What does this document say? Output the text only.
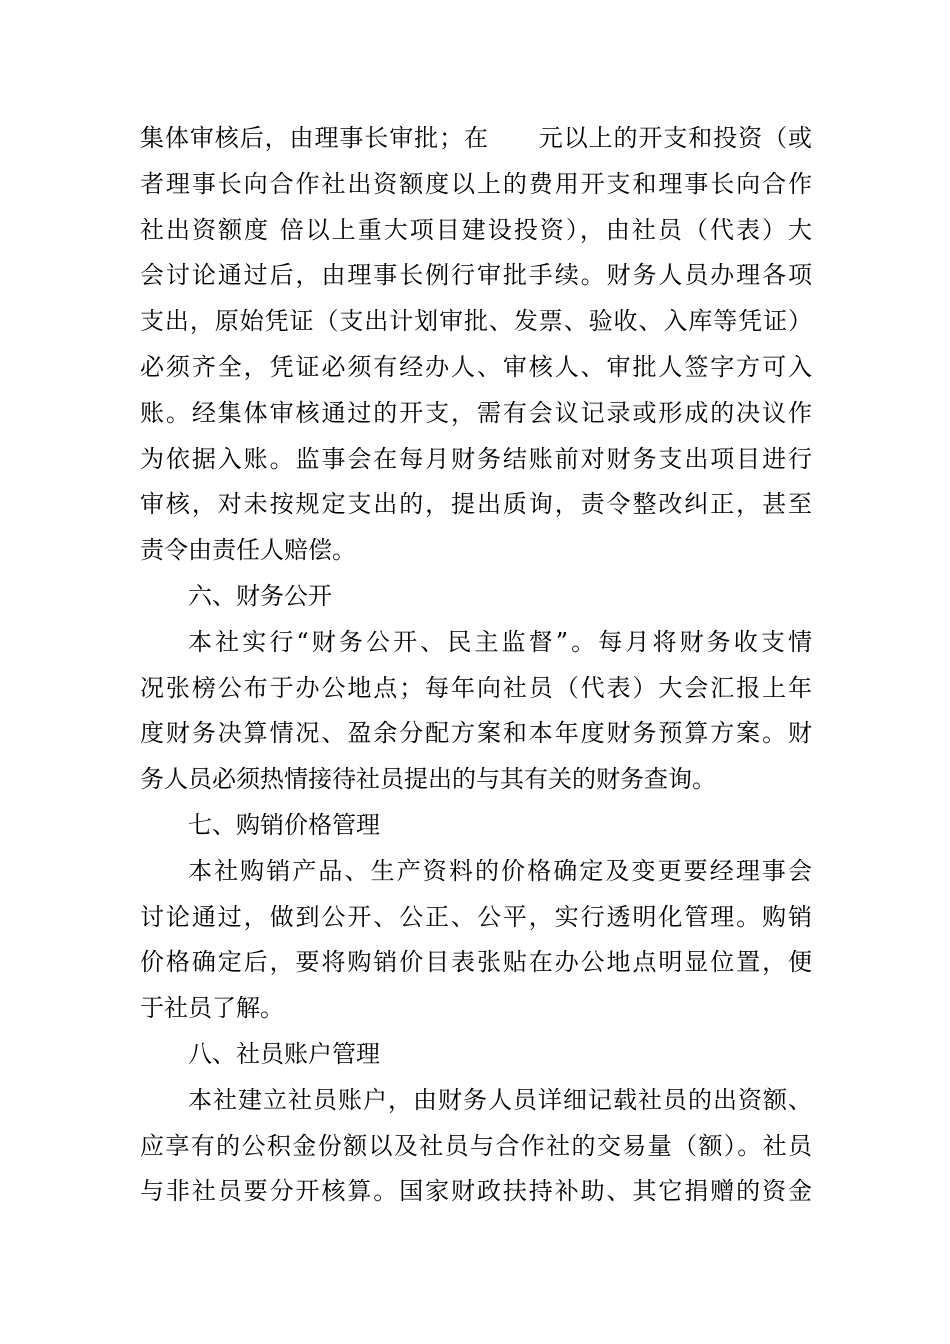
集体审核后，由理事长审批；在　　元以上的开支和投资（或
者理事长向合作社出资额度以上的费用开支和理事长向合作
社出资额度 倍以上重大项目建设投资），由社员（代表）大
会讨论通过后，由理事长例行审批手续。财务人员办理各项
支出，原始凭证（支出计划审批、发票、验收、入库等凭证）
必须齐全，凭证必须有经办人、审核人、审批人签字方可入
账。经集体审核通过的开支，需有会议记录或形成的决议作
为依据入账。监事会在每月财务结账前对财务支出项目进行
审核，对未按规定支出的，提出质询，责令整改纠正，甚至
责令由责任人赔偿。
六、财务公开
本社实行“财务公开、民主监督”。每月将财务收支情
况张榜公布于办公地点；每年向社员（代表）大会汇报上年
度财务决算情况、盈余分配方案和本年度财务预算方案。财
务人员必须热情接待社员提出的与其有关的财务查询。
七、购销价格管理
本社购销产品、生产资料的价格确定及变更要经理事会
讨论通过，做到公开、公正、公平，实行透明化管理。购销
价格确定后，要将购销价目表张贴在办公地点明显位置，便
于社员了解。
八、社员账户管理
本社建立社员账户，由财务人员详细记载社员的出资额、
应享有的公积金份额以及社员与合作社的交易量（额）。社员
与非社员要分开核算。国家财政扶持补助、其它捐赠的资金
